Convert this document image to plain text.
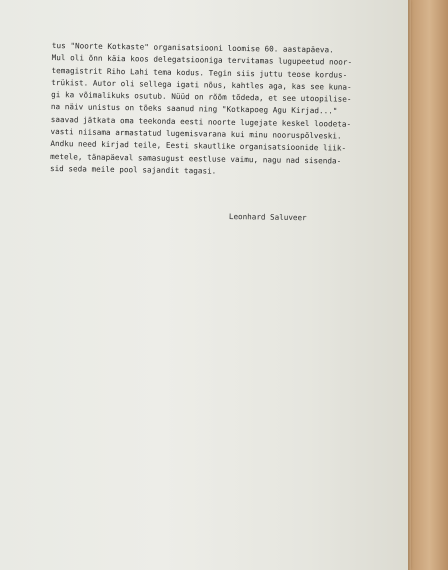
tus "Noorte Kotkaste" organisatsiooni loomise 60. aastapäeva.
Mul oli õnn käia koos delegatsiooniga tervitamas lugupeetud noor-
temagistrit Riho Lahi tema kodus. Tegin siis juttu teose kordus-
trükist. Autor oli sellega igati nõus, kahtles aga, kas see kuna-
gi ka võimalikuks osutub. Nüüd on rõõm tõdeda, et see utoopilise-
na näiv unistus on tõeks saanud ning "Kotkapoeg Agu Kirjad..."
saavad jätkata oma teekonda eesti noorte lugejate keskel loodeta-
vasti niisama armastatud lugemisvarana kui minu nooruspõlveski.
Andku need kirjad teile, Eesti skautlike organisatsioonide liik-
metele, tänapäeval samasugust eestluse vaimu, nagu nad sisenda-
sid seda meile pool sajandit tagasi.
Leonhard Saluveer
